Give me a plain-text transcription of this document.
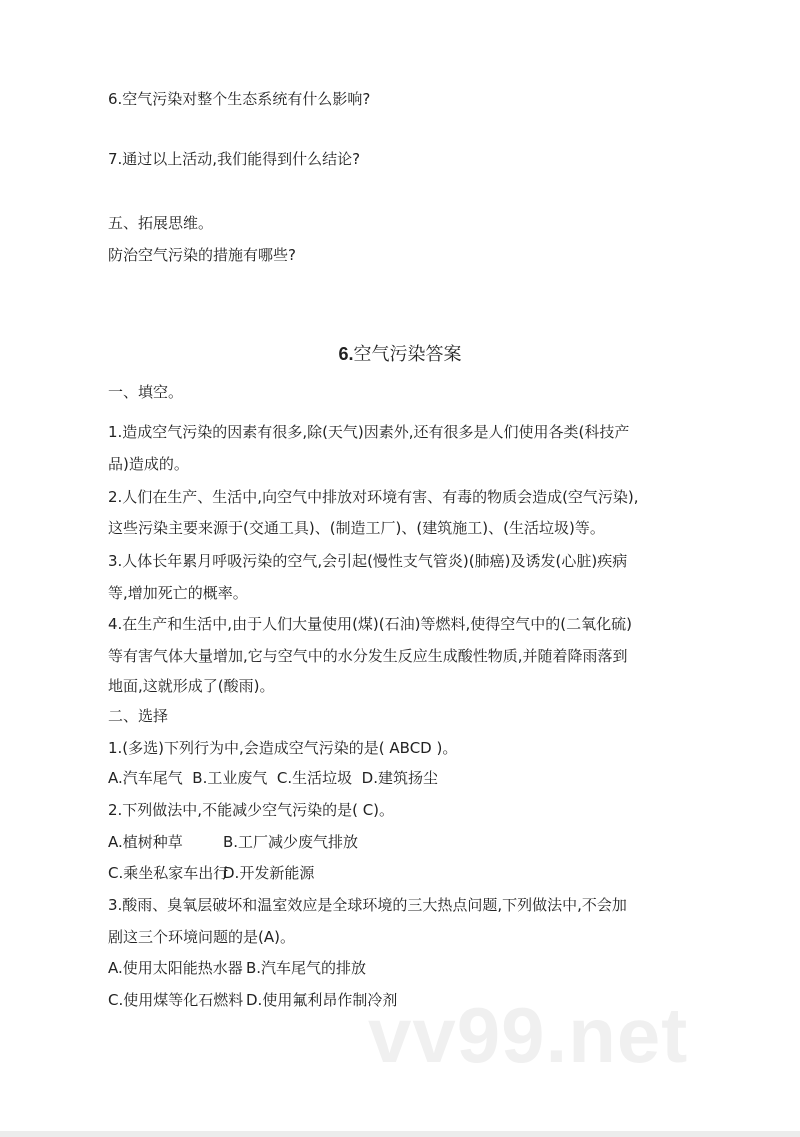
6.空气污染对整个生态系统有什么影响?
7.通过以上活动,我们能得到什么结论?
五、拓展思维。
防治空气污染的措施有哪些?
6.空气污染答案
一、填空。
1.造成空气污染的因素有很多,除(天气)因素外,还有很多是人们使用各类(科技产
品)造成的。
2.人们在生产、生活中,向空气中排放对环境有害、有毒的物质会造成(空气污染),
这些污染主要来源于(交通工具)、(制造工厂)、(建筑施工)、(生活垃圾)等。
3.人体长年累月呼吸污染的空气,会引起(慢性支气管炎)(肺癌)及诱发(心脏)疾病
等,增加死亡的概率。
4.在生产和生活中,由于人们大量使用(煤)(石油)等燃料,使得空气中的(二氧化硫)
等有害气体大量增加,它与空气中的水分发生反应生成酸性物质,并随着降雨落到
地面,这就形成了(酸雨)。
二、选择
1.(多选)下列行为中,会造成空气污染的是( ABCD )。
A.汽车尾气  B.工业废气  C.生活垃圾  D.建筑扬尘
2.下列做法中,不能减少空气污染的是( C)。
A.植树种草	B.工厂减少废气排放
C.乘坐私家车出行
D.开发新能源
3.酸雨、臭氧层破坏和温室效应是全球环境的三大热点问题,下列做法中,不会加
剧这三个环境问题的是(A)。
A.使用太阳能热水器 B.汽车尾气的排放
C.使用煤等化石燃料 D.使用氟利昂作制冷剂
vv99.net
